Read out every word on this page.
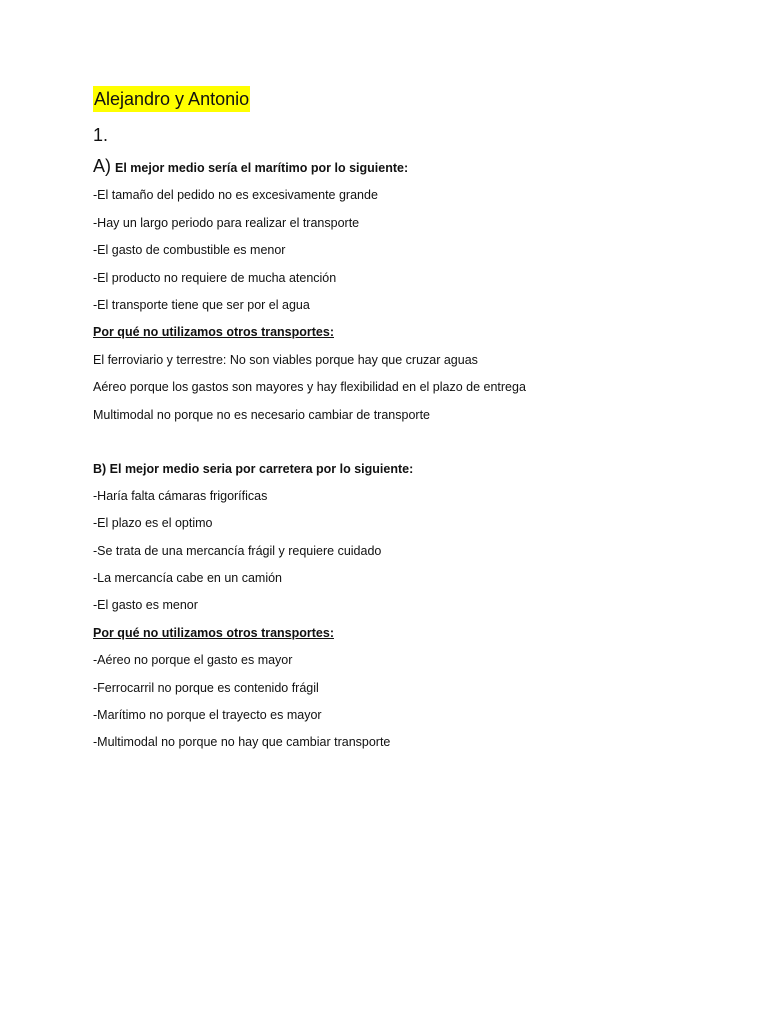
Alejandro y Antonio
1.
A) El mejor medio sería el marítimo por lo siguiente:
-El tamaño del pedido no es excesivamente grande
-Hay un largo periodo para realizar el transporte
-El gasto de combustible es menor
-El producto no requiere de mucha atención
-El transporte tiene que ser por el agua
Por qué no utilizamos otros transportes:
El ferroviario y terrestre: No son viables porque hay que cruzar aguas
Aéreo porque los gastos son mayores y hay flexibilidad en el plazo de entrega
Multimodal no porque no es necesario cambiar de transporte
B) El mejor medio seria por carretera por lo siguiente:
-Haría falta cámaras frigoríficas
-El plazo es el optimo
-Se trata de una mercancía frágil y requiere cuidado
-La mercancía cabe en un camión
-El gasto es menor
Por qué no utilizamos otros transportes:
-Aéreo no porque el gasto es mayor
-Ferrocarril no porque es contenido frágil
-Marítimo no porque el trayecto es mayor
-Multimodal no porque no hay que cambiar transporte
